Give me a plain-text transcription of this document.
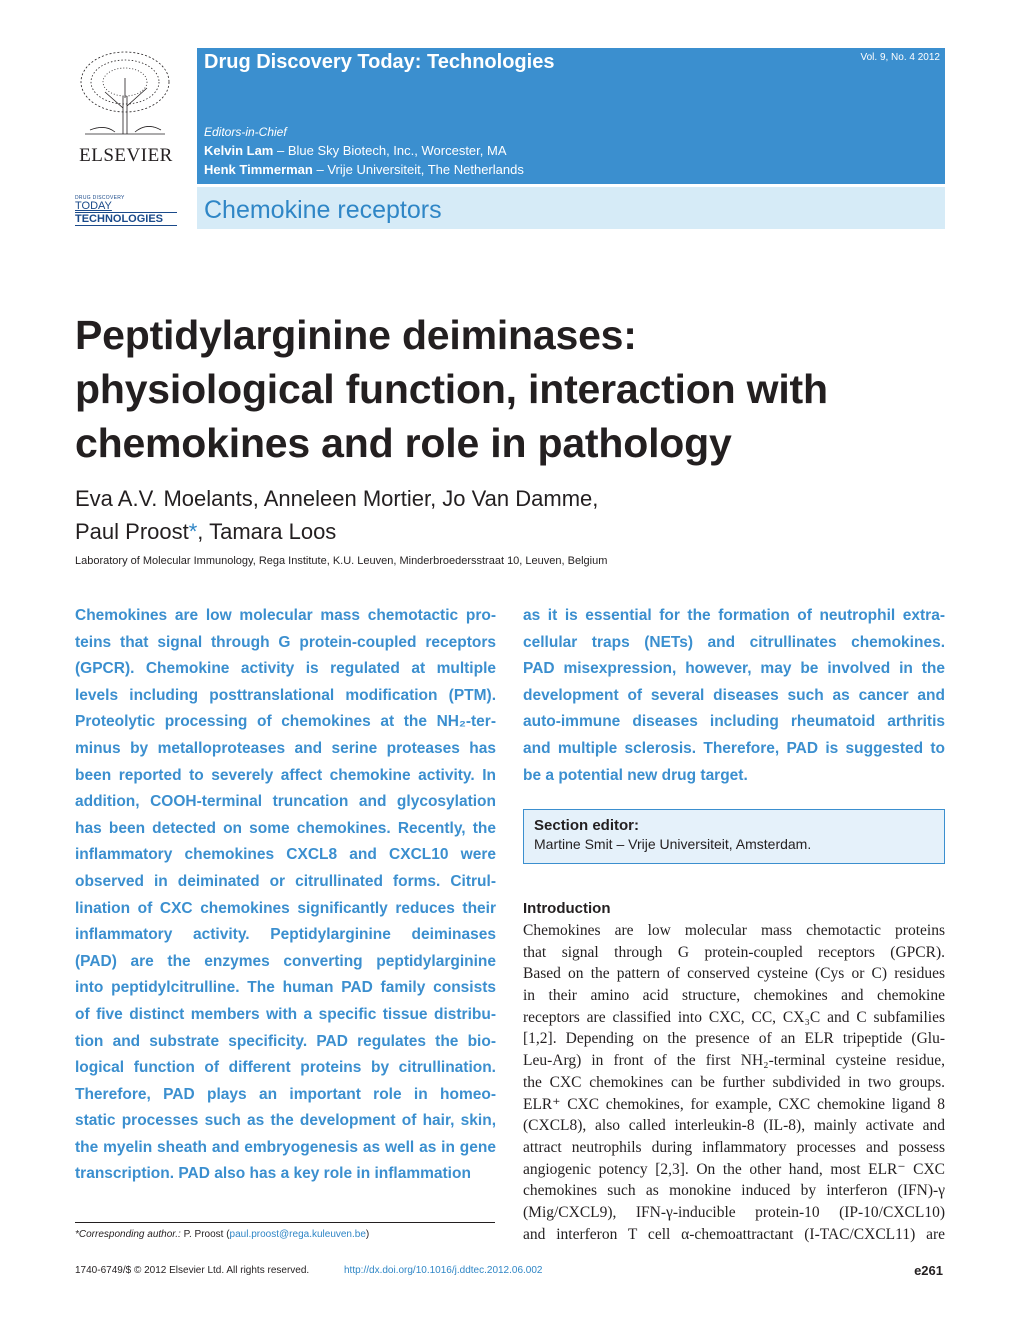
ELSEVIER
DRUG DISCOVERY
TODAY
TECHNOLOGIES
Drug Discovery Today: Technologies	Vol. 9, No. 4 2012
Editors-in-Chief
Kelvin Lam – Blue Sky Biotech, Inc., Worcester, MA
Henk Timmerman – Vrije Universiteit, The Netherlands
Chemokine receptors
Peptidylarginine deiminases:
physiological function, interaction with
chemokines and role in pathology
Eva A.V. Moelants, Anneleen Mortier, Jo Van Damme,
Paul Proost*, Tamara Loos
Laboratory of Molecular Immunology, Rega Institute, K.U. Leuven, Minderbroedersstraat 10, Leuven, Belgium
Chemokines are low molecular mass chemotactic pro-
teins that signal through G protein-coupled receptors
(GPCR). Chemokine activity is regulated at multiple
levels including posttranslational modification (PTM).
Proteolytic processing of chemokines at the NH₂-ter-
minus by metalloproteases and serine proteases has
been reported to severely affect chemokine activity. In
addition, COOH-terminal truncation and glycosylation
has been detected on some chemokines. Recently, the
inflammatory chemokines CXCL8 and CXCL10 were
observed in deiminated or citrullinated forms. Citrul-
lination of CXC chemokines significantly reduces their
inflammatory activity. Peptidylarginine deiminases
(PAD) are the enzymes converting peptidylarginine
into peptidylcitrulline. The human PAD family consists
of five distinct members with a specific tissue distribu-
tion and substrate specificity. PAD regulates the bio-
logical function of different proteins by citrullination.
Therefore, PAD plays an important role in homeo-
static processes such as the development of hair, skin,
the myelin sheath and embryogenesis as well as in gene
transcription. PAD also has a key role in inflammation
as it is essential for the formation of neutrophil extra-
cellular traps (NETs) and citrullinates chemokines.
PAD misexpression, however, may be involved in the
development of several diseases such as cancer and
auto-immune diseases including rheumatoid arthritis
and multiple sclerosis. Therefore, PAD is suggested to
be a potential new drug target.
Section editor:
Martine Smit – Vrije Universiteit, Amsterdam.
Introduction
Chemokines are low molecular mass chemotactic proteins
that signal through G protein-coupled receptors (GPCR).
Based on the pattern of conserved cysteine (Cys or C) residues
in their amino acid structure, chemokines and chemokine
receptors are classified into CXC, CC, CX₃C and C subfamilies
[1,2]. Depending on the presence of an ELR tripeptide (Glu-
Leu-Arg) in front of the first NH₂-terminal cysteine residue,
the CXC chemokines can be further subdivided in two groups.
ELR⁺ CXC chemokines, for example, CXC chemokine ligand 8
(CXCL8), also called interleukin-8 (IL-8), mainly activate and
attract neutrophils during inflammatory processes and possess
angiogenic potency [2,3]. On the other hand, most ELR⁻ CXC
chemokines such as monokine induced by interferon (IFN)-γ
(Mig/CXCL9), IFN-γ-inducible protein-10 (IP-10/CXCL10)
and interferon T cell α-chemoattractant (I-TAC/CXCL11) are
*Corresponding author.: P. Proost (paul.proost@rega.kuleuven.be)
1740-6749/$ © 2012 Elsevier Ltd. All rights reserved.	http://dx.doi.org/10.1016/j.ddtec.2012.06.002	e261
